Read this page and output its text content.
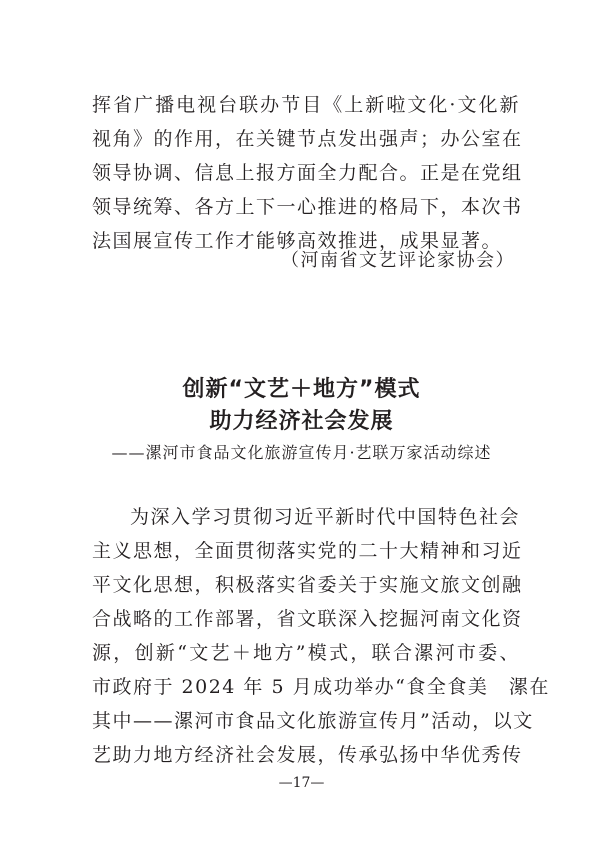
挥省广播电视台联办节目《上新啦文化·文化新
视角》的作用，在关键节点发出强声；办公室在
领导协调、信息上报方面全力配合。正是在党组
领导统筹、各方上下一心推进的格局下，本次书
法国展宣传工作才能够高效推进，成果显著。
（河南省文艺评论家协会）
创新“文艺＋地方”模式
助力经济社会发展
——漯河市食品文化旅游宣传月·艺联万家活动综述
为深入学习贯彻习近平新时代中国特色社会
主义思想，全面贯彻落实党的二十大精神和习近
平文化思想，积极落实省委关于实施文旅文创融
合战略的工作部署，省文联深入挖掘河南文化资
源，创新“文艺＋地方”模式，联合漯河市委、
市政府于 2024 年 5 月成功举办“食全食美　漯在
其中——漯河市食品文化旅游宣传月”活动，以文
艺助力地方经济社会发展，传承弘扬中华优秀传
—17—
